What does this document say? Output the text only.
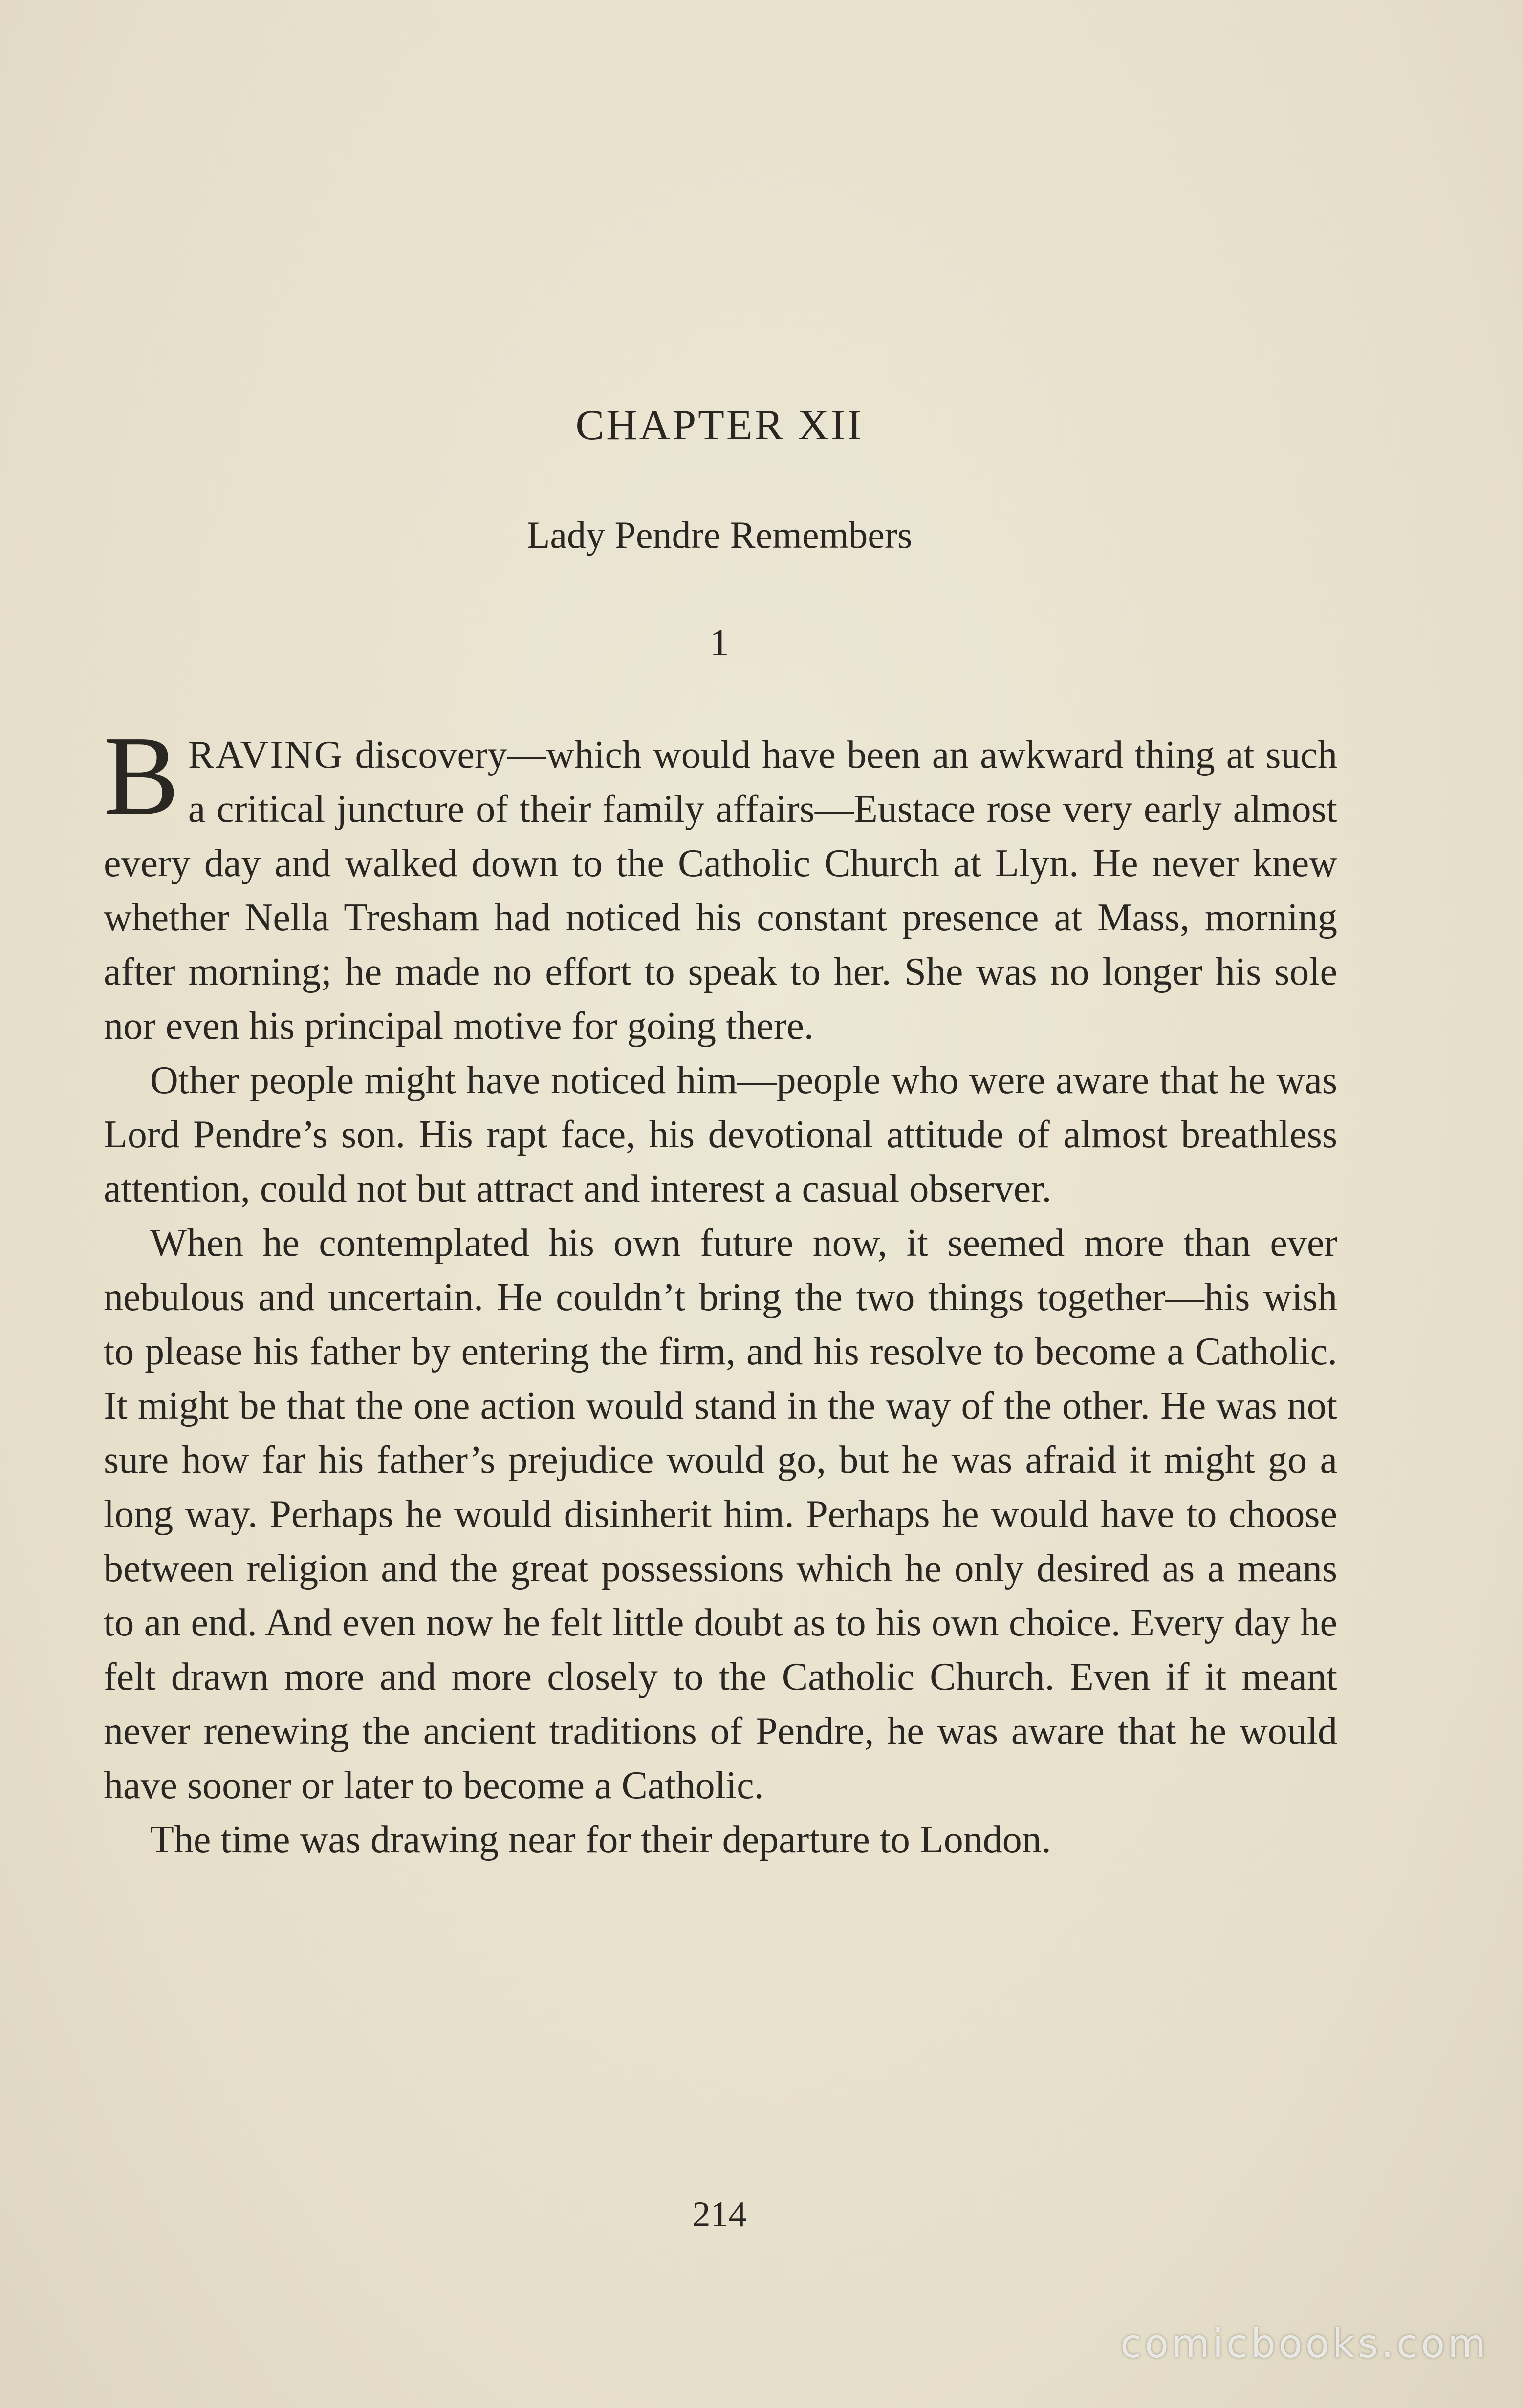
CHAPTER XII
Lady Pendre Remembers
1

BRAVING discovery—which would have been an awkward thing at such a critical juncture of their family affairs—Eustace rose very early almost every day and walked down to the Catholic Church at Llyn. He never knew whether Nella Tresham had noticed his constant presence at Mass, morning after morning; he made no effort to speak to her. She was no longer his sole nor even his principal motive for going there.

Other people might have noticed him—people who were aware that he was Lord Pendre’s son. His rapt face, his devotional attitude of almost breathless attention, could not but attract and interest a casual observer.

When he contemplated his own future now, it seemed more than ever nebulous and uncertain. He couldn’t bring the two things together—his wish to please his father by entering the firm, and his resolve to become a Catholic. It might be that the one action would stand in the way of the other. He was not sure how far his father’s prejudice would go, but he was afraid it might go a long way. Perhaps he would disinherit him. Perhaps he would have to choose between religion and the great possessions which he only desired as a means to an end. And even now he felt little doubt as to his own choice. Every day he felt drawn more and more closely to the Catholic Church. Even if it meant never renewing the ancient traditions of Pendre, he was aware that he would have sooner or later to become a Catholic.

The time was drawing near for their departure to London.

214
comicbooks.com
